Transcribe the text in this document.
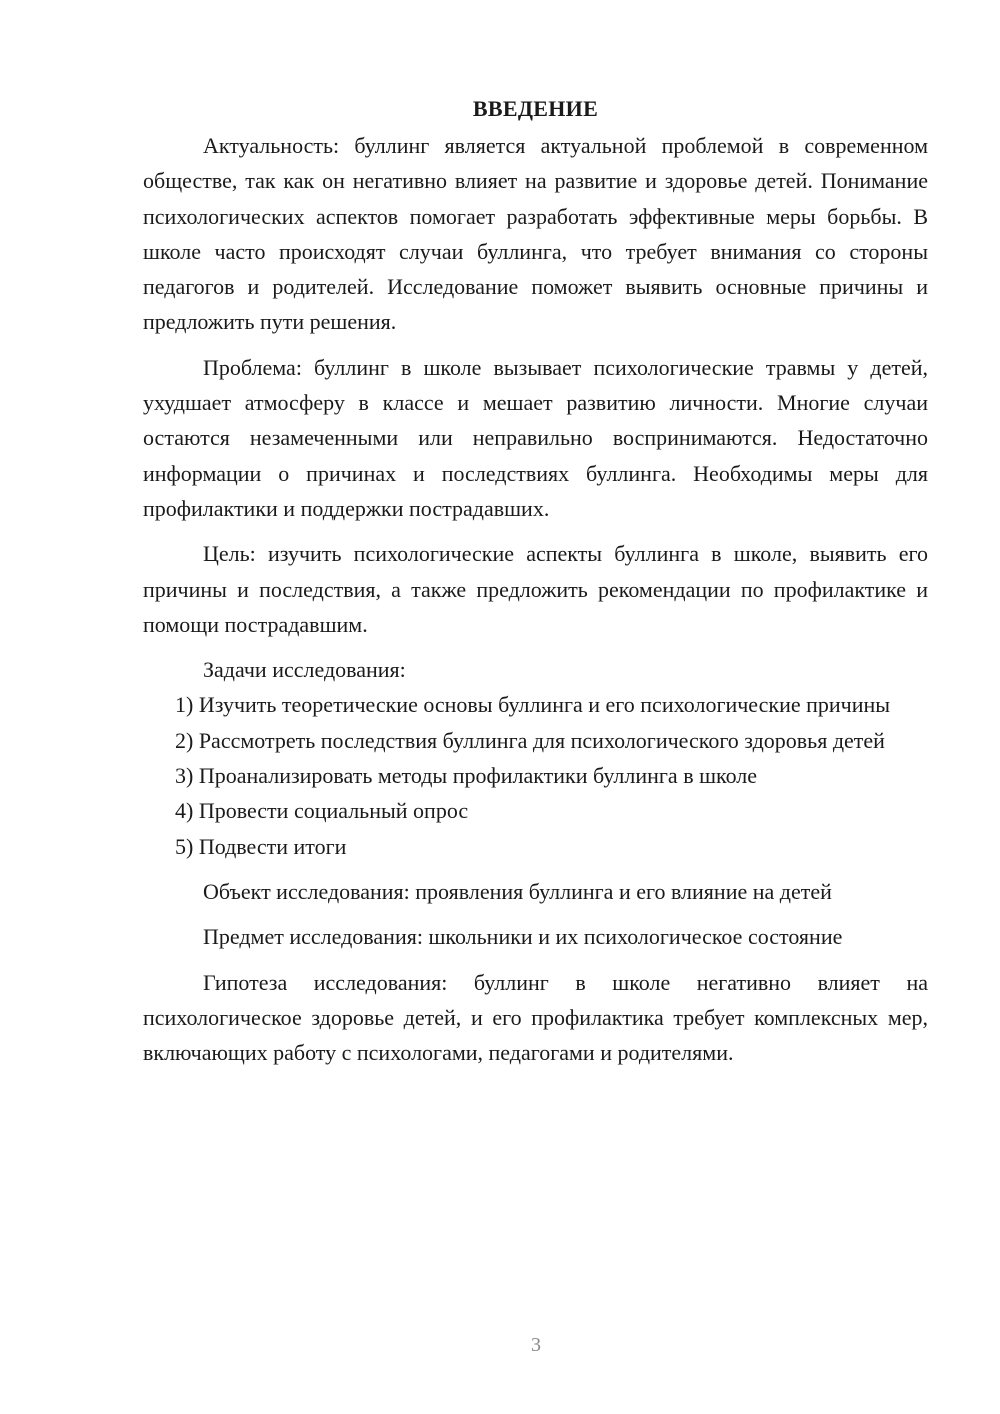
ВВЕДЕНИЕ

Актуальность: буллинг является актуальной проблемой в современном обществе, так как он негативно влияет на развитие и здоровье детей. Понимание психологических аспектов помогает разработать эффективные меры борьбы. В школе часто происходят случаи буллинга, что требует внимания со стороны педагогов и родителей. Исследование поможет выявить основные причины и предложить пути решения.

Проблема: буллинг в школе вызывает психологические травмы у детей, ухудшает атмосферу в классе и мешает развитию личности. Многие случаи остаются незамеченными или неправильно воспринимаются. Недостаточно информации о причинах и последствиях буллинга. Необходимы меры для профилактики и поддержки пострадавших.

Цель: изучить психологические аспекты буллинга в школе, выявить его причины и последствия, а также предложить рекомендации по профилактике и помощи пострадавшим.

Задачи исследования:

1) Изучить теоретические основы буллинга и его психологические причины

2) Рассмотреть последствия буллинга для психологического здоровья детей

3) Проанализировать методы профилактики буллинга в школе

4) Провести социальный опрос

5) Подвести итоги

Объект исследования: проявления буллинга и его влияние на детей

Предмет исследования: школьники и их психологическое состояние

Гипотеза исследования: буллинг в школе негативно влияет на психологическое здоровье детей, и его профилактика требует комплексных мер, включающих работу с психологами, педагогами и родителями.

3
